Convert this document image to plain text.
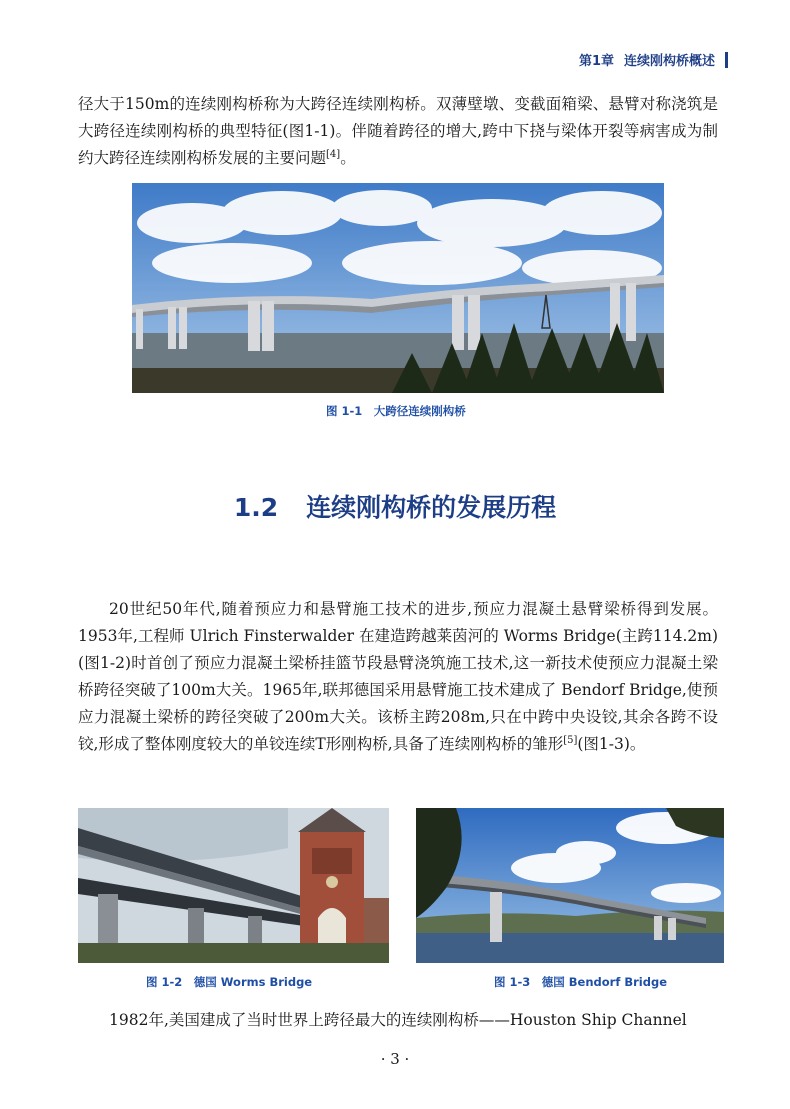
第1章 连续刚构桥概述

径大于150m的连续刚构桥称为大跨径连续刚构桥。双薄壁墩、变截面箱梁、悬臂对称浇筑是大跨径连续刚构桥的典型特征(图1-1)。伴随着跨径的增大,跨中下挠与梁体开裂等病害成为制约大跨径连续刚构桥发展的主要问题[4]。

图 1-1　大跨径连续刚构桥
1.2 连续刚构桥的发展历程

20世纪50年代,随着预应力和悬臂施工技术的进步,预应力混凝土悬臂梁桥得到发展。1953年,工程师 Ulrich Finsterwalder 在建造跨越莱茵河的 Worms Bridge(主跨114.2m)(图1-2)时首创了预应力混凝土梁桥挂篮节段悬臂浇筑施工技术,这一新技术使预应力混凝土梁桥跨径突破了100m大关。1965年,联邦德国采用悬臂施工技术建成了 Bendorf Bridge,使预应力混凝土梁桥的跨径突破了200m大关。该桥主跨208m,只在中跨中央设铰,其余各跨不设铰,形成了整体刚度较大的单铰连续T形刚构桥,具备了连续刚构桥的雏形[5](图1-3)。

图 1-2　德国 Worms Bridge	图 1-3　德国 Bendorf Bridge

1982年,美国建成了当时世界上跨径最大的连续刚构桥——Houston Ship Channel

· 3 ·
